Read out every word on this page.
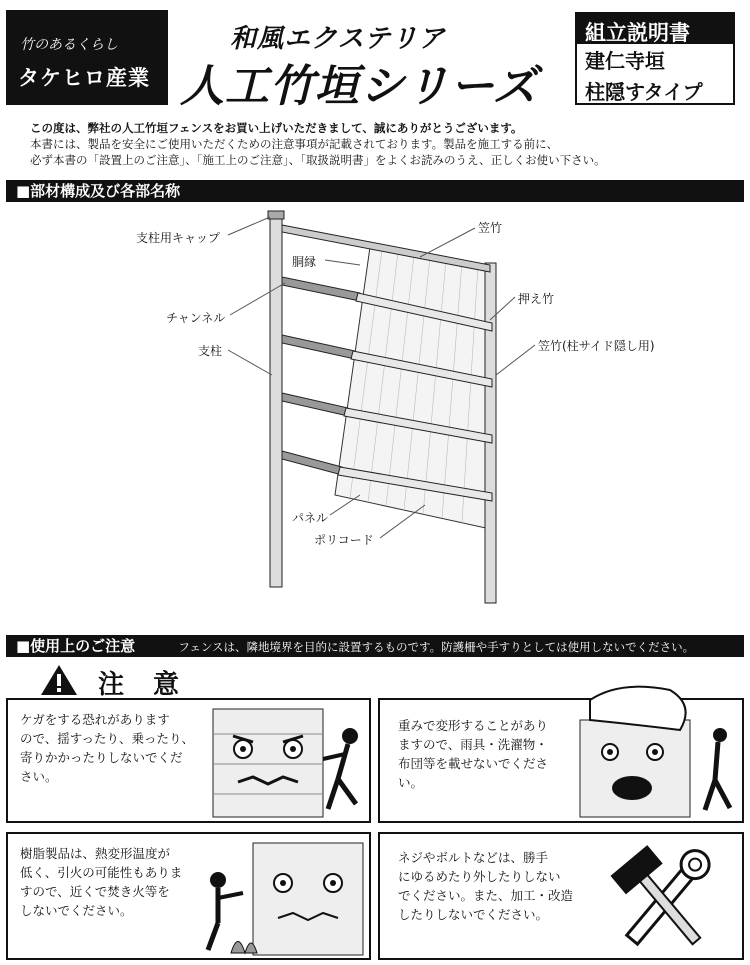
竹のあるくらし
タケヒロ産業
和風エクステリア
人工竹垣シリーズ
組立説明書
建仁寺垣
柱隠すタイプ
この度は、弊社の人工竹垣フェンスをお買い上げいただきまして、誠にありがとうございます。
本書には、製品を安全にご使用いただくための注意事項が記載されております。製品を施工する前に、
必ず本書の「設置上のご注意」、「施工上のご注意」、「取扱説明書」をよくお読みのうえ、正しくお使い下さい。
■部材構成及び各部名称
支柱用キャップ
笠竹
胴縁
押え竹
チャンネル
支柱	笠竹(柱サイド隠し用)
パネル
ポリコード
■使用上のご注意	フェンスは、隣地境界を目的に設置するものです。防護柵や手すりとしては使用しないでください。
注 意
ケガをする恐れがあります
ので、揺すったり、乗ったり、
寄りかかったりしないでくだ
さい。
重みで変形することがあり
ますので、雨具・洗濯物・
布団等を載せないでくださ
い。
樹脂製品は、熱変形温度が
低く、引火の可能性もありま
すので、近くで焚き火等を
しないでください。
ネジやボルトなどは、勝手
にゆるめたり外したりしない
でください。また、加工・改造
したりしないでください。
